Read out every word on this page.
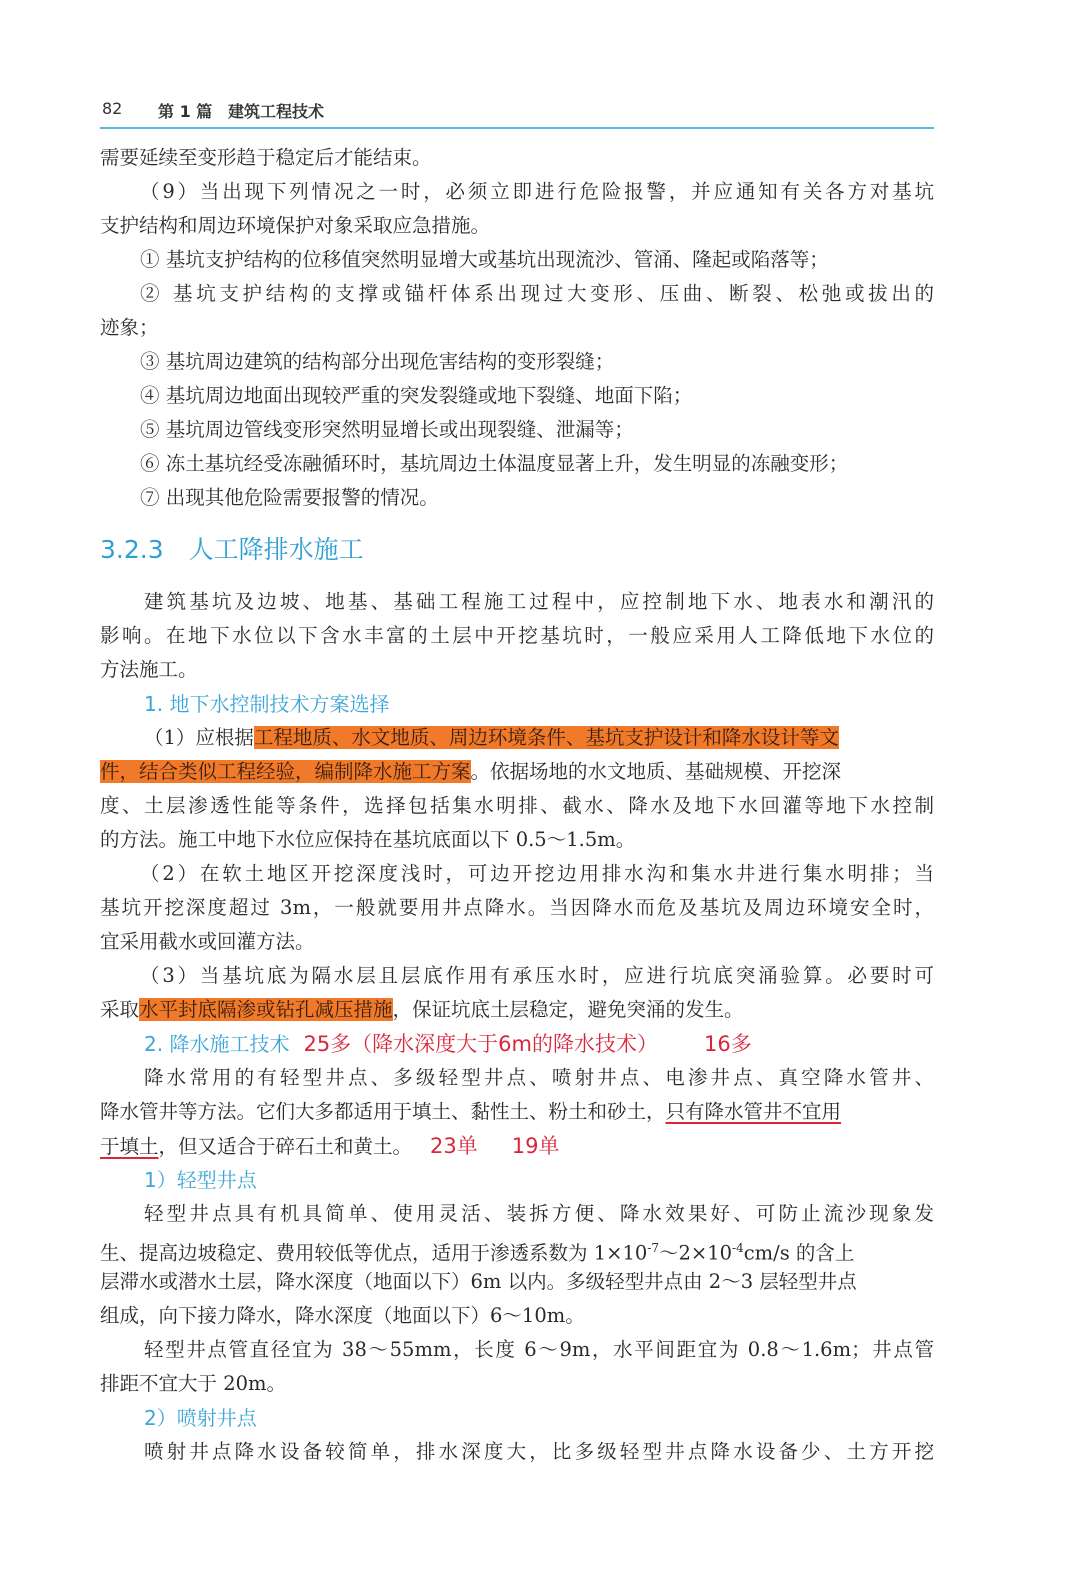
82 第 1 篇 建筑工程技术
需要延续至变形趋于稳定后才能结束。
（9）当出现下列情况之一时，必须立即进行危险报警，并应通知有关各方对基坑
支护结构和周边环境保护对象采取应急措施。
① 基坑支护结构的位移值突然明显增大或基坑出现流沙、管涌、隆起或陷落等；
② 基坑支护结构的支撑或锚杆体系出现过大变形、压曲、断裂、松弛或拔出的
迹象；
③ 基坑周边建筑的结构部分出现危害结构的变形裂缝；
④ 基坑周边地面出现较严重的突发裂缝或地下裂缝、地面下陷；
⑤ 基坑周边管线变形突然明显增长或出现裂缝、泄漏等；
⑥ 冻土基坑经受冻融循环时，基坑周边土体温度显著上升，发生明显的冻融变形；
⑦ 出现其他危险需要报警的情况。
3.2.3　人工降排水施工
建筑基坑及边坡、地基、基础工程施工过程中，应控制地下水、地表水和潮汛的
影响。在地下水位以下含水丰富的土层中开挖基坑时，一般应采用人工降低地下水位的
方法施工。
1. 地下水控制技术方案选择
（1）应根据工程地质、水文地质、周边环境条件、基坑支护设计和降水设计等文
件，结合类似工程经验，编制降水施工方案。依据场地的水文地质、基础规模、开挖深
度、土层渗透性能等条件，选择包括集水明排、截水、降水及地下水回灌等地下水控制
的方法。施工中地下水位应保持在基坑底面以下 0.5～1.5m。
（2）在软土地区开挖深度浅时，可边开挖边用排水沟和集水井进行集水明排；当
基坑开挖深度超过 3m，一般就要用井点降水。当因降水而危及基坑及周边环境安全时，
宜采用截水或回灌方法。
（3）当基坑底为隔水层且层底作用有承压水时，应进行坑底突涌验算。必要时可
采取水平封底隔渗或钻孔减压措施，保证坑底土层稳定，避免突涌的发生。
2. 降水施工技术 25多（降水深度大于6m的降水技术） 16多
降水常用的有轻型井点、多级轻型井点、喷射井点、电渗井点、真空降水管井、
降水管井等方法。它们大多都适用于填土、黏性土、粉土和砂土，只有降水管井不宜用
于填土，但又适合于碎石土和黄土。 23单 19单
1）轻型井点
轻型井点具有机具简单、使用灵活、装拆方便、降水效果好、可防止流沙现象发
生、提高边坡稳定、费用较低等优点，适用于渗透系数为 $1\times 10^{-7}\sim 2\times 10^{-4}cm/s$ 的含上
层滞水或潜水土层，降水深度（地面以下）6m 以内。多级轻型井点由 2～3 层轻型井点
组成，向下接力降水，降水深度（地面以下）6～10m。
轻型井点管直径宜为 38～55mm，长度 6～9m，水平间距宜为 0.8～1.6m；井点管
排距不宜大于 20m。
2）喷射井点
喷射井点降水设备较简单，排水深度大，比多级轻型井点降水设备少、土方开挖
